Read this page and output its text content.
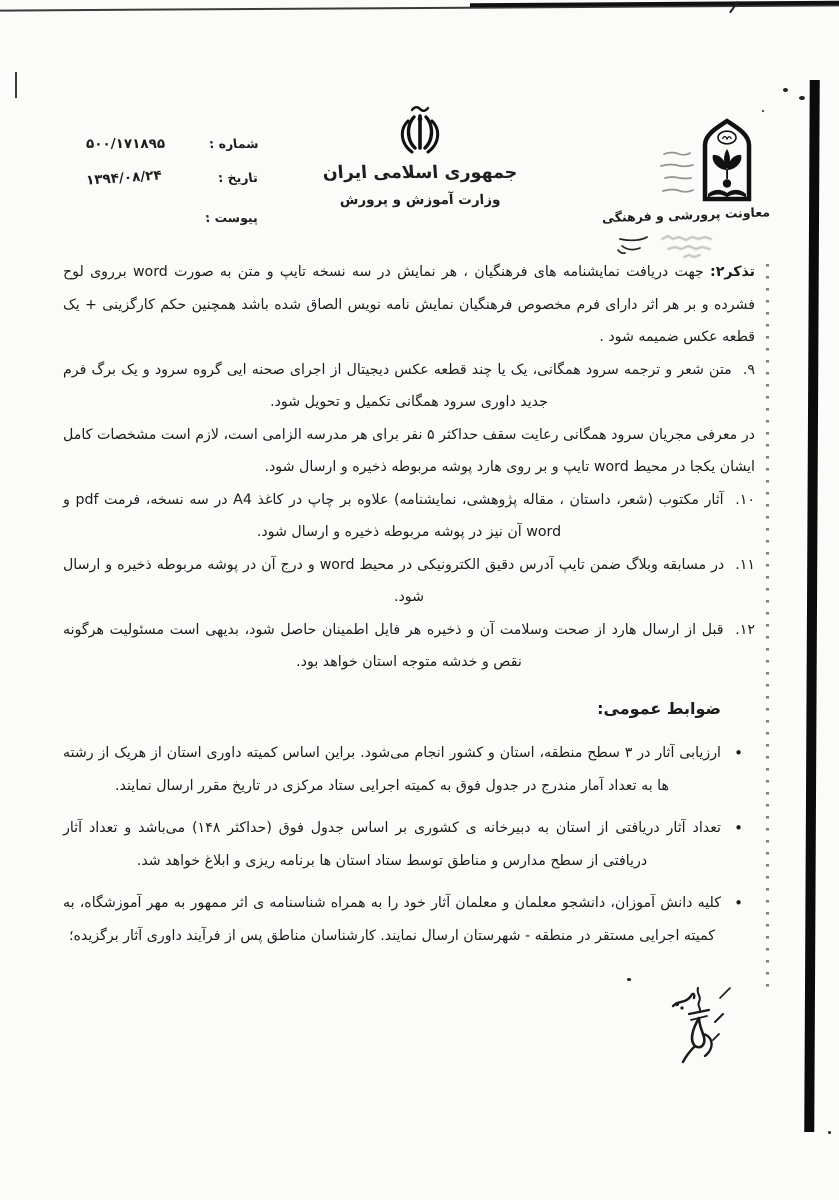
شماره :
۵۰۰/۱۷۱۸۹۵
تاریخ :
۱۳۹۴/۰۸/۲۴
پیوست :
جمهوری اسلامی ایران
وزارت آموزش و پرورش
معاونت پرورشی و فرهنگی

تذکر۲: جهت دریافت نمایشنامه های فرهنگیان ، هر نمایش در سه نسخه تایپ و متن به صورت word برروی لوح فشرده و بر هر اثر دارای فرم مخصوص فرهنگیان نمایش نامه نویس الصاق شده باشد همچنین حکم کارگزینی + یک قطعه عکس ضمیمه شود .

۹. متن شعر و ترجمه سرود همگانی، یک یا چند قطعه عکس دیجیتال از اجرای صحنه ایی گروه سرود و یک برگ فرم جدید داوری سرود همگانی تکمیل و تحویل شود.

در معرفی مجریان سرود همگانی رعایت سقف حداکثر ۵ نفر برای هر مدرسه الزامی است، لازم است مشخصات کامل ایشان یکجا در محیط word تایپ و بر روی هارد پوشه مربوطه ذخیره و ارسال شود.

۱۰. آثار مکتوب (شعر، داستان ، مقاله پژوهشی، نمایشنامه) علاوه بر چاپ در کاغذ A4 در سه نسخه، فرمت pdf و word آن نیز در پوشه مربوطه ذخیره و ارسال شود.

۱۱. در مسابقه وبلاگ ضمن تایپ آدرس دقیق الکترونیکی در محیط word و درج آن در پوشه مربوطه ذخیره و ارسال شود.

۱۲. قبل از ارسال هارد از صحت وسلامت آن و ذخیره هر فایل اطمینان حاصل شود، بدیهی است مسئولیت هرگونه نقص و خدشه متوجه استان خواهد بود.

ضوابط عمومی:
•

ارزیابی آثار در ۳ سطح منطقه، استان و کشور انجام می‌شود. براین اساس کمیته داوری استان از هریک از رشته ها به تعداد آمار مندرج در جدول فوق به کمیته اجرایی ستاد مرکزی در تاریخ مقرر ارسال نمایند.

•

تعداد آثار دریافتی از استان به دبیرخانه ی کشوری بر اساس جدول فوق (حداکثر ۱۴۸) می‌باشد و تعداد آثار دریافتی از سطح مدارس و مناطق توسط ستاد استان ها برنامه ریزی و ابلاغ خواهد شد.

•

کلیه دانش آموزان، دانشجو معلمان و معلمان آثار خود را به همراه شناسنامه ی اثر ممهور به مهر آموزشگاه، به کمیته اجرایی مستقر در منطقه - شهرستان ارسال نمایند. کارشناسان مناطق پس از فرآیند داوری آثار برگزیده؛
